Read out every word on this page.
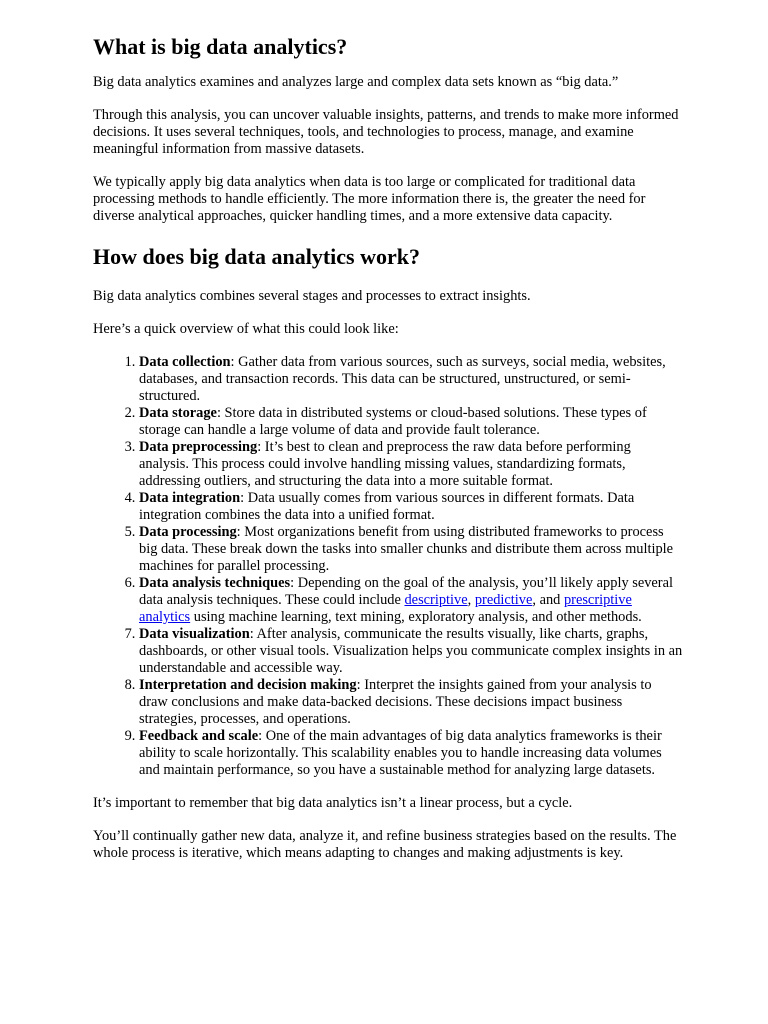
What is big data analytics?

Big data analytics examines and analyzes large and complex data sets known as “big data.”

Through this analysis, you can uncover valuable insights, patterns, and trends to make more informed decisions. It uses several techniques, tools, and technologies to process, manage, and examine meaningful information from massive datasets.

We typically apply big data analytics when data is too large or complicated for traditional data processing methods to handle efficiently. The more information there is, the greater the need for diverse analytical approaches, quicker handling times, and a more extensive data capacity.

How does big data analytics work?

Big data analytics combines several stages and processes to extract insights.

Here’s a quick overview of what this could look like:

1. Data collection: Gather data from various sources, such as surveys, social media, websites, databases, and transaction records. This data can be structured, unstructured, or semi-structured.
2. Data storage: Store data in distributed systems or cloud-based solutions. These types of storage can handle a large volume of data and provide fault tolerance.
3. Data preprocessing: It’s best to clean and preprocess the raw data before performing analysis. This process could involve handling missing values, standardizing formats, addressing outliers, and structuring the data into a more suitable format.
4. Data integration: Data usually comes from various sources in different formats. Data integration combines the data into a unified format.
5. Data processing: Most organizations benefit from using distributed frameworks to process big data. These break down the tasks into smaller chunks and distribute them across multiple machines for parallel processing.
6. Data analysis techniques: Depending on the goal of the analysis, you’ll likely apply several data analysis techniques. These could include descriptive, predictive, and prescriptive analytics using machine learning, text mining, exploratory analysis, and other methods.
7. Data visualization: After analysis, communicate the results visually, like charts, graphs, dashboards, or other visual tools. Visualization helps you communicate complex insights in an understandable and accessible way.
8. Interpretation and decision making: Interpret the insights gained from your analysis to draw conclusions and make data-backed decisions. These decisions impact business strategies, processes, and operations.
9. Feedback and scale: One of the main advantages of big data analytics frameworks is their ability to scale horizontally. This scalability enables you to handle increasing data volumes and maintain performance, so you have a sustainable method for analyzing large datasets.

It’s important to remember that big data analytics isn’t a linear process, but a cycle.

You’ll continually gather new data, analyze it, and refine business strategies based on the results. The whole process is iterative, which means adapting to changes and making adjustments is key.
